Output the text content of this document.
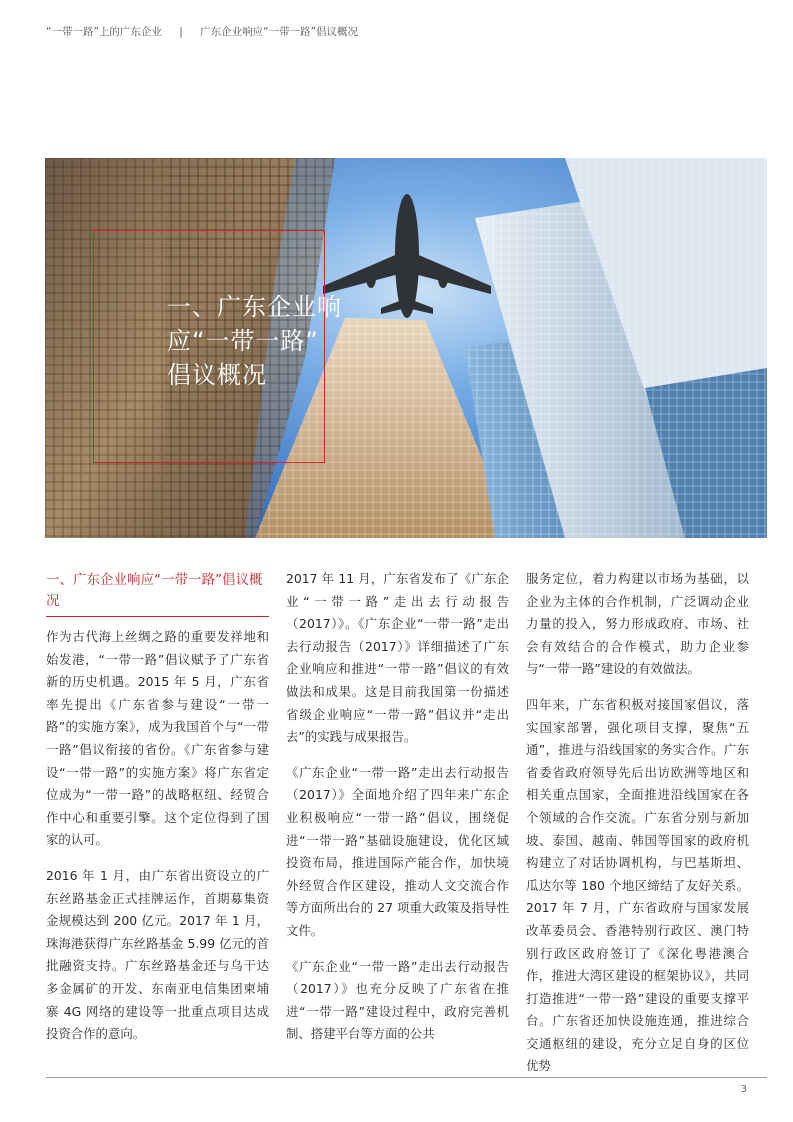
“一带一路”上的广东企业 | 广东企业响应“一带一路”倡议概况
一、广东企业响
应“一带一路”
倡议概况
一、广东企业响应“一带一路”倡议概况

作为古代海上丝绸之路的重要发祥地和始发港，“一带一路”倡议赋予了广东省新的历史机遇。2015 年 5 月，广东省率先提出《广东省参与建设“一带一路”的实施方案》，成为我国首个与“一带一路”倡议衔接的省份。《广东省参与建设“一带一路”的实施方案》将广东省定位成为“一带一路”的战略枢纽、经贸合作中心和重要引擎。这个定位得到了国家的认可。

2016 年 1 月，由广东省出资设立的广东丝路基金正式挂牌运作，首期募集资金规模达到 200 亿元。2017 年 1 月，珠海港获得广东丝路基金 5.99 亿元的首批融资支持。广东丝路基金还与乌干达多金属矿的开发、东南亚电信集团柬埔寨 4G 网络的建设等一批重点项目达成投资合作的意向。

2017 年 11 月，广东省发布了《广东企业“一带一路”走出去行动报告（2017）》。《广东企业“一带一路”走出去行动报告（2017）》详细描述了广东企业响应和推进“一带一路”倡议的有效做法和成果。这是目前我国第一份描述省级企业响应“一带一路”倡议并“走出去”的实践与成果报告。

《广东企业“一带一路”走出去行动报告（2017）》全面地介绍了四年来广东企业积极响应“一带一路”倡议，围绕促进“一带一路”基础设施建设，优化区域投资布局，推进国际产能合作，加快境外经贸合作区建设，推动人文交流合作等方面所出台的 27 项重大政策及指导性文件。

《广东企业“一带一路”走出去行动报告（2017）》也充分反映了广东省在推进“一带一路”建设过程中，政府完善机制、搭建平台等方面的公共

服务定位，着力构建以市场为基础，以企业为主体的合作机制，广泛调动企业力量的投入，努力形成政府、市场、社会有效结合的合作模式，助力企业参与“一带一路”建设的有效做法。

四年来，广东省积极对接国家倡议，落实国家部署，强化项目支撑，聚焦“五通”，推进与沿线国家的务实合作。广东省委省政府领导先后出访欧洲等地区和相关重点国家，全面推进沿线国家在各个领域的合作交流。广东省分别与新加坡、泰国、越南、韩国等国家的政府机构建立了对话协调机构，与巴基斯坦、瓜达尔等 180 个地区缔结了友好关系。2017 年 7 月，广东省政府与国家发展改革委员会、香港特别行政区、澳门特别行政区政府签订了《深化粤港澳合作，推进大湾区建设的框架协议》，共同打造推进“一带一路”建设的重要支撑平台。广东省还加快设施连通，推进综合交通枢纽的建设，充分立足自身的区位优势

3
